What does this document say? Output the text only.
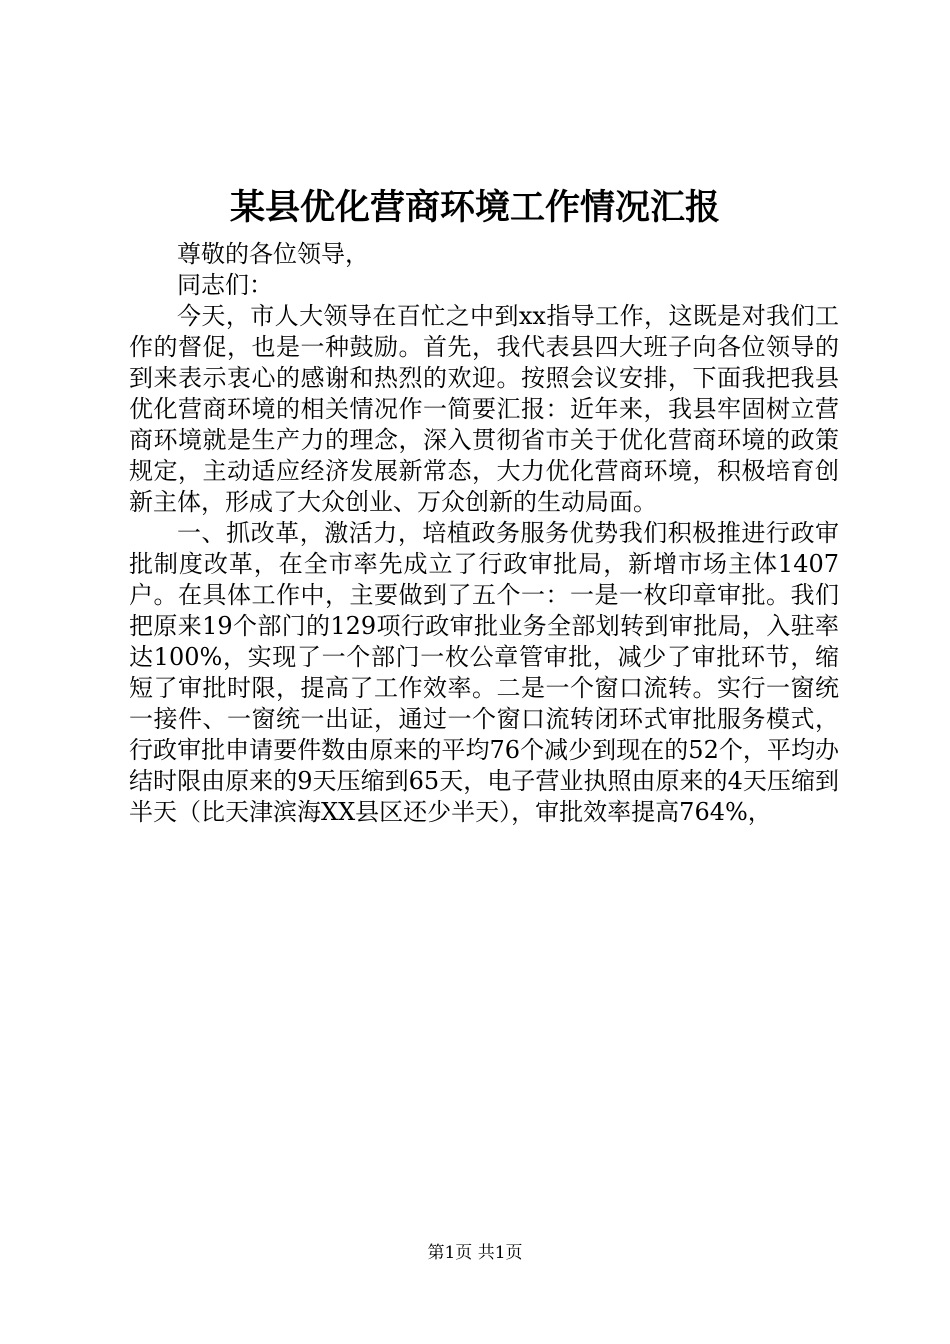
某县优化营商环境工作情况汇报

尊敬的各位领导，

同志们：

今天，市人大领导在百忙之中到xx指导工作，这既是对我们工作的督促，也是一种鼓励。首先，我代表县四大班子向各位领导的到来表示衷心的感谢和热烈的欢迎。按照会议安排，下面我把我县优化营商环境的相关情况作一简要汇报：近年来，我县牢固树立营商环境就是生产力的理念，深入贯彻省市关于优化营商环境的政策规定，主动适应经济发展新常态，大力优化营商环境，积极培育创新主体，形成了大众创业、万众创新的生动局面。

一、抓改革，激活力，培植政务服务优势我们积极推进行政审批制度改革，在全市率先成立了行政审批局，新增市场主体1407户。在具体工作中，主要做到了五个一：一是一枚印章审批。我们把原来19个部门的129项行政审批业务全部划转到审批局，入驻率达100%，实现了一个部门一枚公章管审批，减少了审批环节，缩短了审批时限，提高了工作效率。二是一个窗口流转。实行一窗统一接件、一窗统一出证，通过一个窗口流转闭环式审批服务模式，行政审批申请要件数由原来的平均76个减少到现在的52个，平均办结时限由原来的9天压缩到65天，电子营业执照由原来的4天压缩到半天（比天津滨海XX县区还少半天），审批效率提高764%，

第1页 共1页
